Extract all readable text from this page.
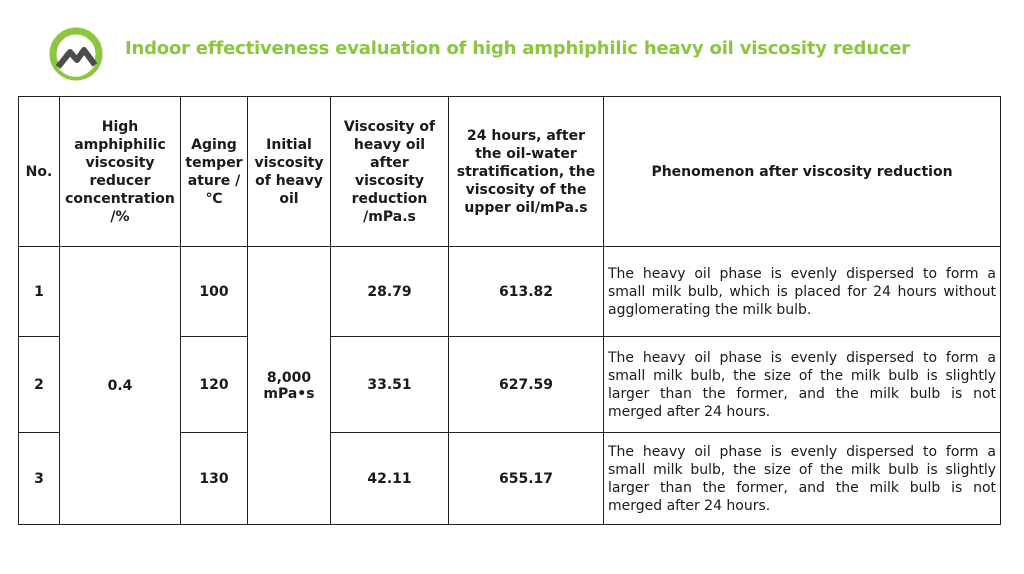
Indoor effectiveness evaluation of high amphiphilic heavy oil viscosity reducer
No.	High amphiphilic viscosity reducer concentration /%	Aging temper ature /℃	Initial viscosity of heavy oil	Viscosity of heavy oil after viscosity reduction /mPa.s	24 hours, after the oil-water stratification, the viscosity of the upper oil/mPa.s	Phenomenon after viscosity reduction
1	0.4	100	8,000 mPa•s	28.79	613.82	The heavy oil phase is evenly dispersed to form a small milk bulb, which is placed for 24 hours without agglomerating the milk bulb.
2		120		33.51	627.59	The heavy oil phase is evenly dispersed to form a small milk bulb, the size of the milk bulb is slightly larger than the former, and the milk bulb is not merged after 24 hours.
3		130		42.11	655.17	The heavy oil phase is evenly dispersed to form a small milk bulb, the size of the milk bulb is slightly larger than the former, and the milk bulb is not merged after 24 hours.
